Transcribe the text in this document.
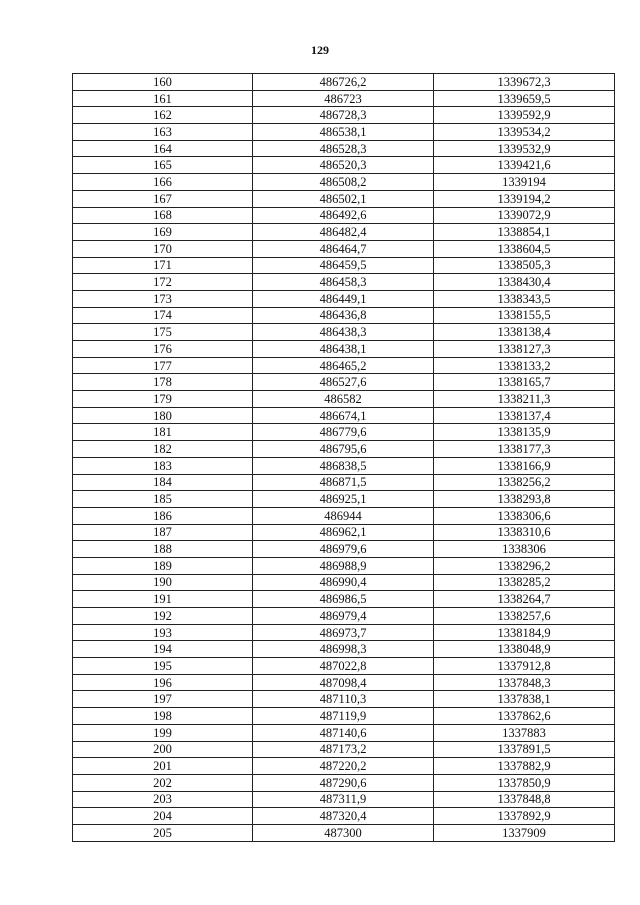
129
160	486726,2	1339672,3
161	486723	1339659,5
162	486728,3	1339592,9
163	486538,1	1339534,2
164	486528,3	1339532,9
165	486520,3	1339421,6
166	486508,2	1339194
167	486502,1	1339194,2
168	486492,6	1339072,9
169	486482,4	1338854,1
170	486464,7	1338604,5
171	486459,5	1338505,3
172	486458,3	1338430,4
173	486449,1	1338343,5
174	486436,8	1338155,5
175	486438,3	1338138,4
176	486438,1	1338127,3
177	486465,2	1338133,2
178	486527,6	1338165,7
179	486582	1338211,3
180	486674,1	1338137,4
181	486779,6	1338135,9
182	486795,6	1338177,3
183	486838,5	1338166,9
184	486871,5	1338256,2
185	486925,1	1338293,8
186	486944	1338306,6
187	486962,1	1338310,6
188	486979,6	1338306
189	486988,9	1338296,2
190	486990,4	1338285,2
191	486986,5	1338264,7
192	486979,4	1338257,6
193	486973,7	1338184,9
194	486998,3	1338048,9
195	487022,8	1337912,8
196	487098,4	1337848,3
197	487110,3	1337838,1
198	487119,9	1337862,6
199	487140,6	1337883
200	487173,2	1337891,5
201	487220,2	1337882,9
202	487290,6	1337850,9
203	487311,9	1337848,8
204	487320,4	1337892,9
205	487300	1337909
